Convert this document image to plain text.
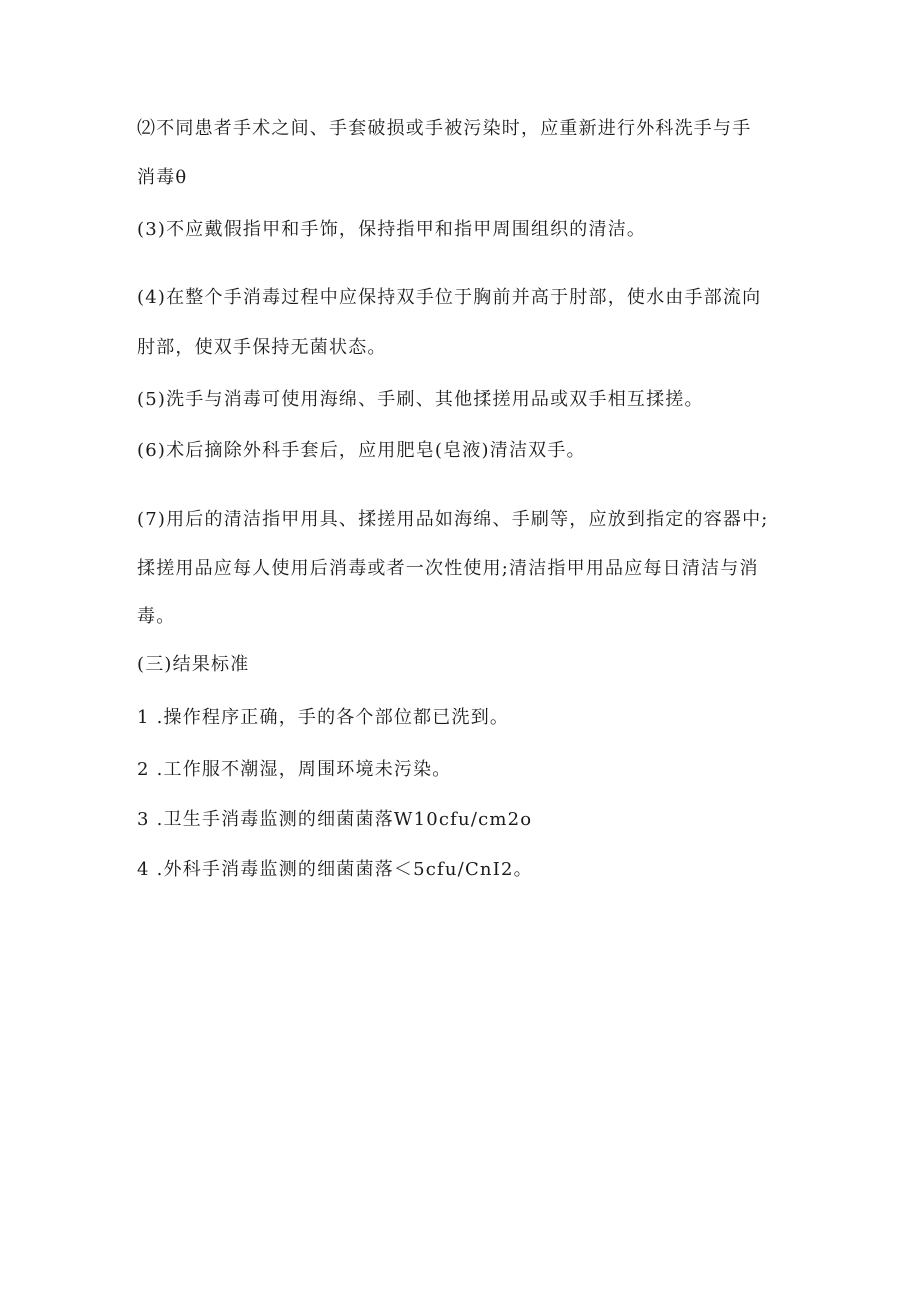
⑵不同患者手术之间、手套破损或手被污染时，应重新进行外科洗手与手
消毒θ
(3)不应戴假指甲和手饰，保持指甲和指甲周围组织的清洁。
(4)在整个手消毒过程中应保持双手位于胸前并高于肘部，使水由手部流向
肘部，使双手保持无菌状态。
(5)洗手与消毒可使用海绵、手刷、其他揉搓用品或双手相互揉搓。
(6)术后摘除外科手套后，应用肥皂(皂液)清洁双手。
(7)用后的清洁指甲用具、揉搓用品如海绵、手刷等，应放到指定的容器中;
揉搓用品应每人使用后消毒或者一次性使用;清洁指甲用品应每日清洁与消
毒。
(三)结果标准
1 .操作程序正确，手的各个部位都已洗到。
2 .工作服不潮湿，周围环境未污染。
3 .卫生手消毒监测的细菌菌落W10cfu∕cm2o
4 .外科手消毒监测的细菌菌落＜5cfu∕CnI2。
